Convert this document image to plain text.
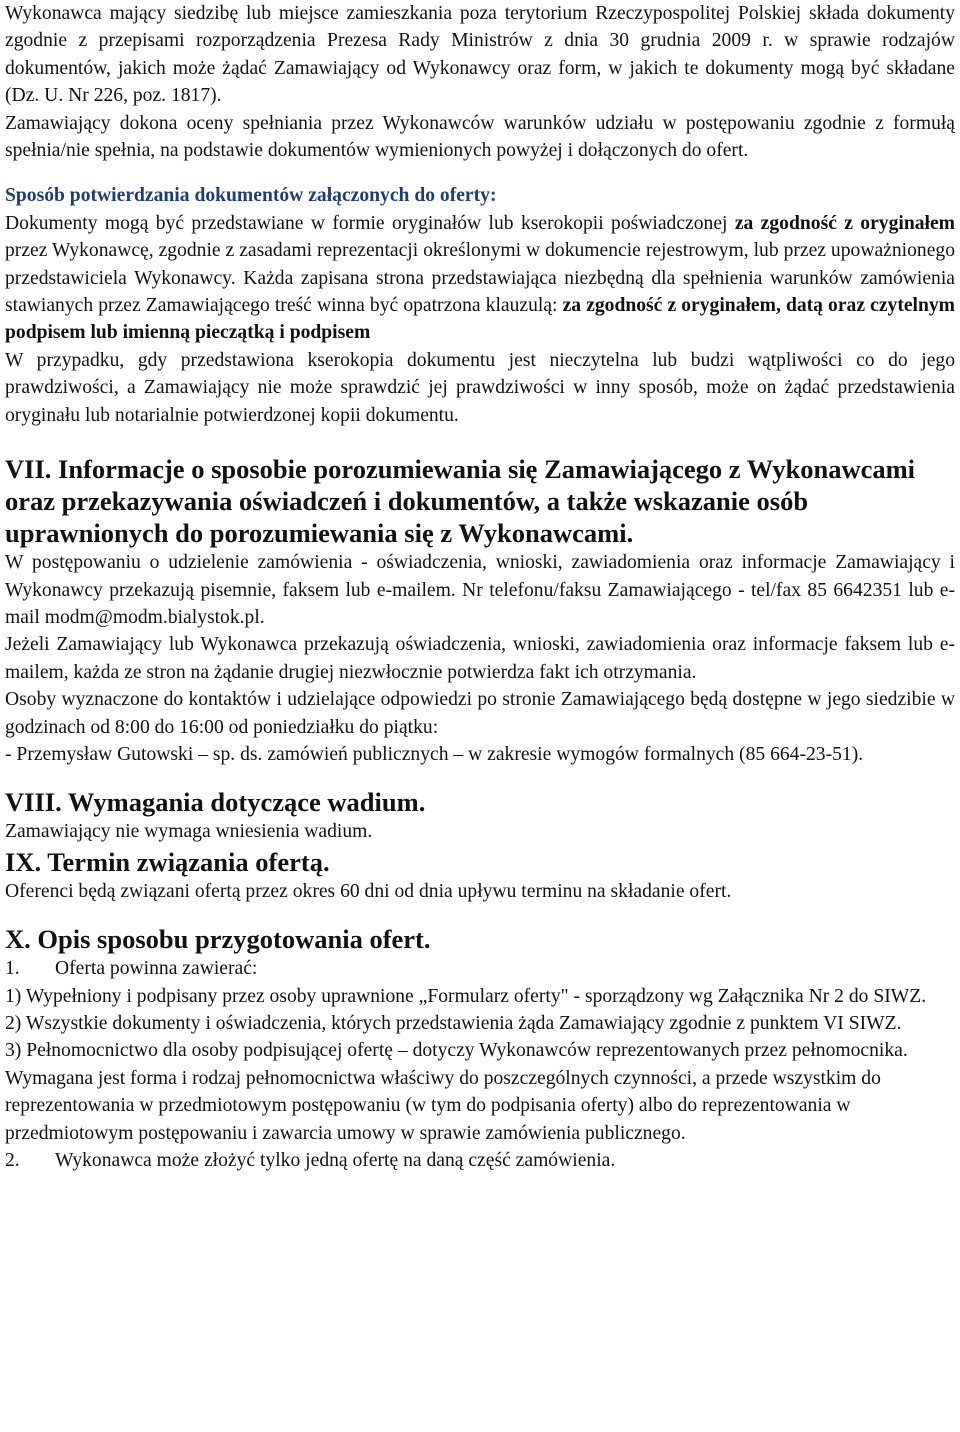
Wykonawca mający siedzibę lub miejsce zamieszkania poza terytorium Rzeczypospolitej Polskiej składa dokumenty zgodnie z przepisami rozporządzenia Prezesa Rady Ministrów z dnia 30 grudnia 2009 r. w sprawie rodzajów dokumentów, jakich może żądać Zamawiający od Wykonawcy oraz form, w jakich te dokumenty mogą być składane (Dz. U. Nr 226, poz. 1817).

Zamawiający dokona oceny spełniania przez Wykonawców warunków udziału w postępowaniu zgodnie z formułą spełnia/nie spełnia, na podstawie dokumentów wymienionych powyżej i dołączonych do ofert.

Sposób potwierdzania dokumentów załączonych do oferty:

Dokumenty mogą być przedstawiane w formie oryginałów lub kserokopii poświadczonej za zgodność z oryginałem przez Wykonawcę, zgodnie z zasadami reprezentacji określonymi w dokumencie rejestrowym, lub przez upoważnionego przedstawiciela Wykonawcy. Każda zapisana strona przedstawiająca niezbędną dla spełnienia warunków zamówienia stawianych przez Zamawiającego treść winna być opatrzona klauzulą: za zgodność z oryginałem, datą oraz czytelnym podpisem lub imienną pieczątką i podpisem

W przypadku, gdy przedstawiona kserokopia dokumentu jest nieczytelna lub budzi wątpliwości co do jego prawdziwości, a Zamawiający nie może sprawdzić jej prawdziwości w inny sposób, może on żądać przedstawienia oryginału lub notarialnie potwierdzonej kopii dokumentu.

VII. Informacje o sposobie porozumiewania się Zamawiającego z Wykonawcami oraz przekazywania oświadczeń i dokumentów, a także wskazanie osób uprawnionych do porozumiewania się z Wykonawcami.

W postępowaniu o udzielenie zamówienia - oświadczenia, wnioski, zawiadomienia oraz informacje Zamawiający i Wykonawcy przekazują pisemnie, faksem lub e-mailem. Nr telefonu/faksu Zamawiającego - tel/fax 85 6642351 lub e-mail modm@modm.bialystok.pl.

Jeżeli Zamawiający lub Wykonawca przekazują oświadczenia, wnioski, zawiadomienia oraz informacje faksem lub e-mailem, każda ze stron na żądanie drugiej niezwłocznie potwierdza fakt ich otrzymania.

Osoby wyznaczone do kontaktów i udzielające odpowiedzi po stronie Zamawiającego będą dostępne w jego siedzibie w godzinach od 8:00 do 16:00 od poniedziałku do piątku:

- Przemysław Gutowski – sp. ds. zamówień publicznych – w zakresie wymogów formalnych (85 664-23-51).

VIII. Wymagania dotyczące wadium.

Zamawiający nie wymaga wniesienia wadium.

IX. Termin związania ofertą.

Oferenci będą związani ofertą przez okres 60 dni od dnia upływu terminu na składanie ofert.

X. Opis sposobu przygotowania ofert.

1. Oferta powinna zawierać:

1) Wypełniony i podpisany przez osoby uprawnione „Formularz oferty" - sporządzony wg Załącznika Nr 2 do SIWZ.

2) Wszystkie dokumenty i oświadczenia, których przedstawienia żąda Zamawiający zgodnie z punktem VI SIWZ.

3) Pełnomocnictwo dla osoby podpisującej ofertę – dotyczy Wykonawców reprezentowanych przez pełnomocnika. Wymagana jest forma i rodzaj pełnomocnictwa właściwy do poszczególnych czynności, a przede wszystkim do reprezentowania w przedmiotowym postępowaniu (w tym do podpisania oferty) albo do reprezentowania w przedmiotowym postępowaniu i zawarcia umowy w sprawie zamówienia publicznego.

2. Wykonawca może złożyć tylko jedną ofertę na daną część zamówienia.
